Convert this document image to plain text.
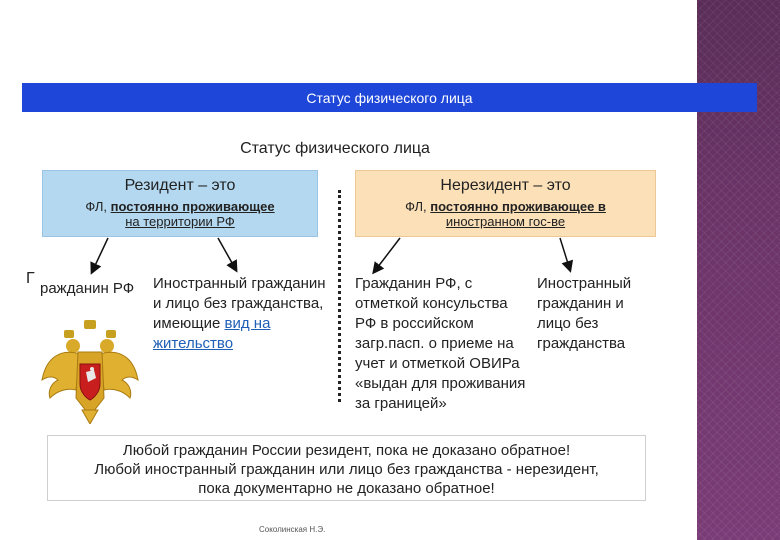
Статус физического лица
Статус физического лица
Резидент – это
ФЛ, постоянно проживающее
на территории РФ
Нерезидент – это
ФЛ, постоянно проживающее в
иностранном гос-ве
Г
ражданин РФ	Иностранный гражданин и лицо без гражданства, имеющие вид на жительство
Гражданин РФ, с отметкой консульства РФ в российском загр.пасп. о приеме на учет и отметкой ОВИРа «выдан для проживания за границей»
Иностранный гражданин и лицо без гражданства
Любой гражданин России резидент, пока не доказано обратное!
Любой иностранный гражданин или лицо без гражданства - нерезидент,
пока документарно не доказано обратное!
Соколинская Н.Э.
